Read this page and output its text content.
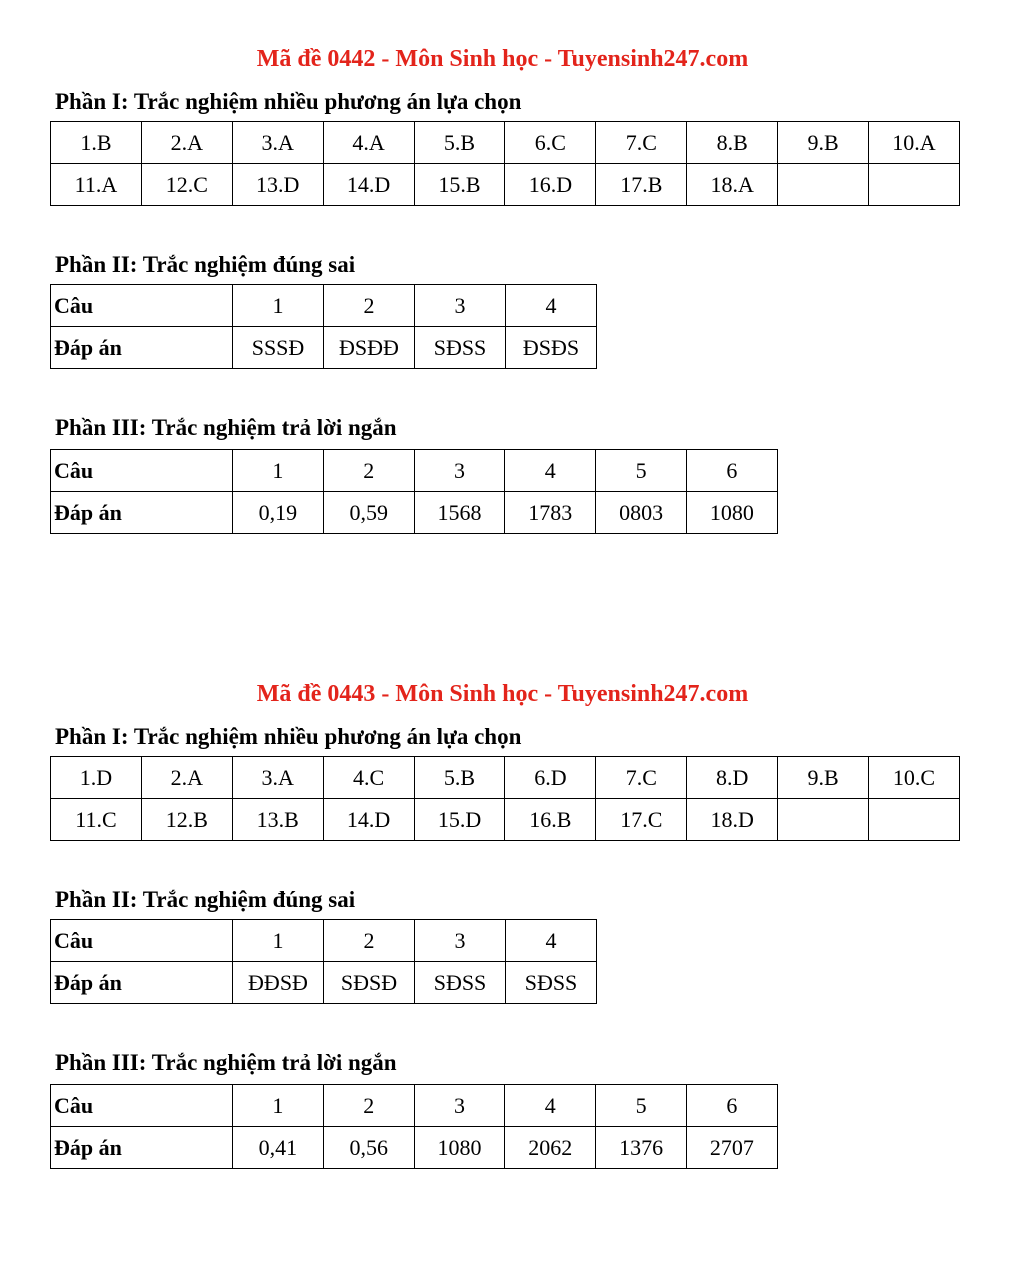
Mã đề 0442 - Môn Sinh học - Tuyensinh247.com
Phần I: Trắc nghiệm nhiều phương án lựa chọn
1.B	2.A	3.A	4.A	5.B	6.C	7.C	8.B	9.B	10.A
11.A	12.C	13.D	14.D	15.B	16.D	17.B	18.A		
Phần II: Trắc nghiệm đúng sai
Câu	1	2	3	4
Đáp án	SSSĐ	ĐSĐĐ	SĐSS	ĐSĐS
Phần III: Trắc nghiệm trả lời ngắn
Câu	1	2	3	4	5	6
Đáp án	0,19	0,59	1568	1783	0803	1080
Mã đề 0443 - Môn Sinh học - Tuyensinh247.com
Phần I: Trắc nghiệm nhiều phương án lựa chọn
1.D	2.A	3.A	4.C	5.B	6.D	7.C	8.D	9.B	10.C
11.C	12.B	13.B	14.D	15.D	16.B	17.C	18.D		
Phần II: Trắc nghiệm đúng sai
Câu	1	2	3	4
Đáp án	ĐĐSĐ	SĐSĐ	SĐSS	SĐSS
Phần III: Trắc nghiệm trả lời ngắn
Câu	1	2	3	4	5	6
Đáp án	0,41	0,56	1080	2062	1376	2707
